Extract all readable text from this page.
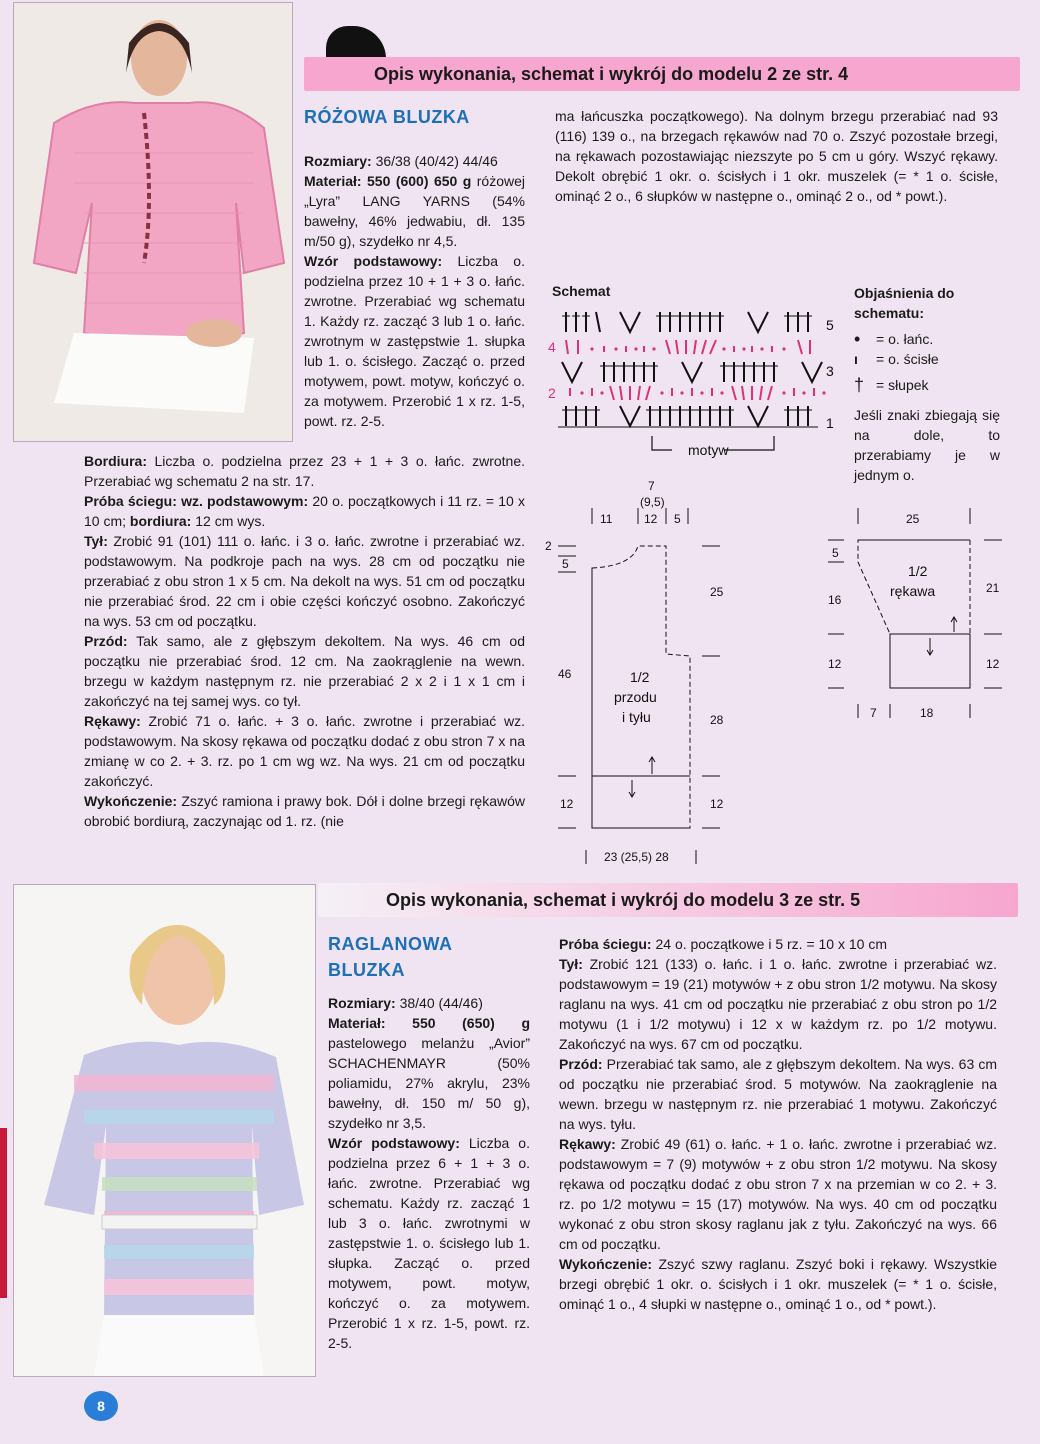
Opis wykonania, schemat i wykrój do modelu 2 ze str. 4
RÓŻOWA BLUZKA

Rozmiary: 36/38 (40/42) 44/46

Materiał: 550 (600) 650 g różowej „Lyra” LANG YARNS (54% bawełny, 46% jedwabiu, dł. 135 m/50 g), szydełko nr 4,5.

Wzór podstawowy: Liczba o. podzielna przez 10 + 1 + 3 o. łańc. zwrotne. Przerabiać wg schematu 1. Każdy rz. zacząć 3 lub 1 o. łańc. zwrotnym w zastępstwie 1. słupka lub 1. o. ścisłego. Zacząć o. przed motywem, powt. motyw, kończyć o. za motywem. Przerobić 1 x rz. 1-5, powt. rz. 2-5.

Bordiura: Liczba o. podzielna przez 23 + 1 + 3 o. łańc. zwrotne. Przerabiać wg schematu 2 na str. 17.

Próba ściegu: wz. podstawowym: 20 o. początkowych i 11 rz. = 10 x 10 cm; bordiura: 12 cm wys.

Tył: Zrobić 91 (101) 111 o. łańc. i 3 o. łańc. zwrotne i przerabiać wz. podstawowym. Na podkroje pach na wys. 28 cm od początku nie przerabiać z obu stron 1 x 5 cm. Na dekolt na wys. 51 cm od początku nie przerabiać środ. 22 cm i obie części kończyć osobno. Zakończyć na wys. 53 cm od początku.

Przód: Tak samo, ale z głębszym dekoltem. Na wys. 46 cm od początku nie przerabiać środ. 12 cm. Na zaokrąglenie na wewn. brzegu w każdym następnym rz. nie przerabiać 2 x 2 i 1 x 1 cm i zakończyć na tej samej wys. co tył.

Rękawy: Zrobić 71 o. łańc. + 3 o. łańc. zwrotne i przerabiać wz. podstawowym. Na skosy rękawa od początku dodać z obu stron 7 x na zmianę w co 2. + 3. rz. po 1 cm wg wz. Na wys. 21 cm od początku zakończyć.

Wykończenie: Zszyć ramiona i prawy bok. Dół i dolne brzegi rękawów obrobić bordiurą, zaczynając od 1. rz. (nie

ma łańcuszka początkowego). Na dolnym brzegu przerabiać nad 93 (116) 139 o., na brzegach rękawów nad 70 o. Zszyć pozostałe brzegi, na rękawach pozostawiając niezszyte po 5 cm u góry. Wszyć rękawy. Dekolt obrębić 1 okr. o. ścisłych i 1 okr. muszelek (= * 1 o. ścisłe, ominąć 2 o., 6 słupków w następne o., ominąć 2 o., od * powt.).
Schemat
motyw
1
2
3
4
5
Objaśnienia do schematu:
•	= o. łańc.
ı	= o. ścisłe
† = słupek
Jeśli znaki zbiegają się na dole, to przerabiamy je w jednym o.
11
7
(9,5)
12 5
2
5
46
12
25
28
12
1/2
przodu
i tyłu
23 (25,5) 28
25
5
16
12
21
12
1/2
rękawa
7	18
Opis wykonania, schemat i wykrój do modelu 3 ze str. 5
RAGLANOWA
BLUZKA

Rozmiary: 38/40 (44/46)

Materiał: 550 (650) g pastelowego melanżu „Avior” SCHACHENMAYR (50% poliamidu, 27% akrylu, 23% bawełny, dł. 150 m/ 50 g), szydełko nr 3,5.

Wzór podstawowy: Liczba o. podzielna przez 6 + 1 + 3 o. łańc. zwrotne. Przerabiać wg schematu. Każdy rz. zacząć 1 lub 3 o. łańc. zwrotnymi w zastępstwie 1. o. ścisłego lub 1. słupka. Zacząć o. przed motywem, powt. motyw, kończyć o. za motywem. Przerobić 1 x rz. 1-5, powt. rz. 2-5.

Próba ściegu: 24 o. początkowe i 5 rz. = 10 x 10 cm

Tył: Zrobić 121 (133) o. łańc. i 1 o. łańc. zwrotne i przerabiać wz. podstawowym = 19 (21) motywów + z obu stron 1/2 motywu. Na skosy raglanu na wys. 41 cm od początku nie przerabiać z obu stron po 1/2 motywu (1 i 1/2 motywu) i 12 x w każdym rz. po 1/2 motywu. Zakończyć na wys. 67 cm od początku.

Przód: Przerabiać tak samo, ale z głębszym dekoltem. Na wys. 63 cm od początku nie przerabiać środ. 5 motywów. Na zaokrąglenie na wewn. brzegu w następnym rz. nie przerabiać 1 motywu. Zakończyć na wys. tyłu.

Rękawy: Zrobić 49 (61) o. łańc. + 1 o. łańc. zwrotne i przerabiać wz. podstawowym = 7 (9) motywów + z obu stron 1/2 motywu. Na skosy rękawa od początku dodać z obu stron 7 x na przemian w co 2. + 3. rz. po 1/2 motywu = 15 (17) motywów. Na wys. 40 cm od początku wykonać z obu stron skosy raglanu jak z tyłu. Zakończyć na wys. 66 cm od początku.

Wykończenie: Zszyć szwy raglanu. Zszyć boki i rękawy. Wszystkie brzegi obrębić 1 okr. o. ścisłych i 1 okr. muszelek (= * 1 o. ścisłe, ominąć 1 o., 4 słupki w następne o., ominąć 1 o., od * powt.).

8
